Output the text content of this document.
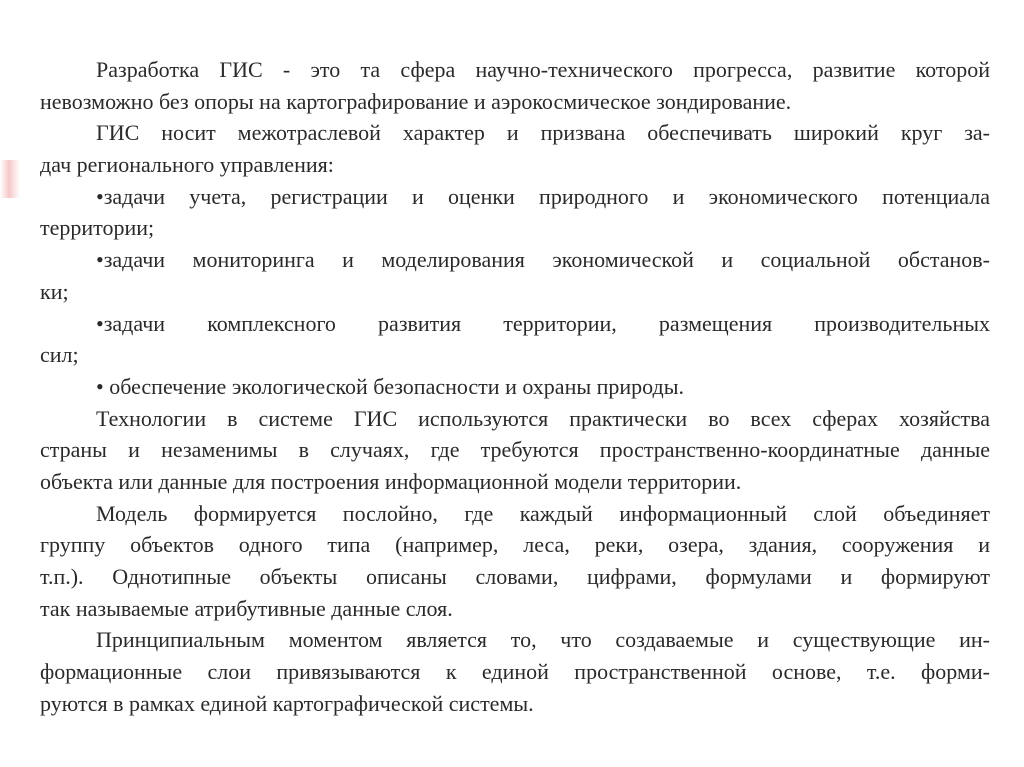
Разработка ГИС - это та сфера научно-технического прогресса, развитие которой
невозможно без опоры на картографирование и аэрокосмическое зондирование.
ГИС носит межотраслевой характер и призвана обеспечивать широкий круг за-
дач регионального управления:
•задачи учета, регистрации и оценки природного и экономического потенциала
территории;
•задачи мониторинга и моделирования экономической и социальной обстанов-
ки;
•задачи комплексного развития территории, размещения производительных
сил;
• обеспечение экологической безопасности и охраны природы.
Технологии в системе ГИС используются практически во всех сферах хозяйства
страны и незаменимы в случаях, где требуются пространственно-координатные данные
объекта или данные для построения информационной модели территории.
Модель формируется послойно, где каждый информационный слой объединяет
группу объектов одного типа (например, леса, реки, озера, здания, сооружения и
т.п.). Однотипные объекты описаны словами, цифрами, формулами и формируют
так называемые атрибутивные данные слоя.
Принципиальным моментом является то, что создаваемые и существующие ин-
формационные слои привязываются к единой пространственной основе, т.е. форми-
руются в рамках единой картографической системы.
